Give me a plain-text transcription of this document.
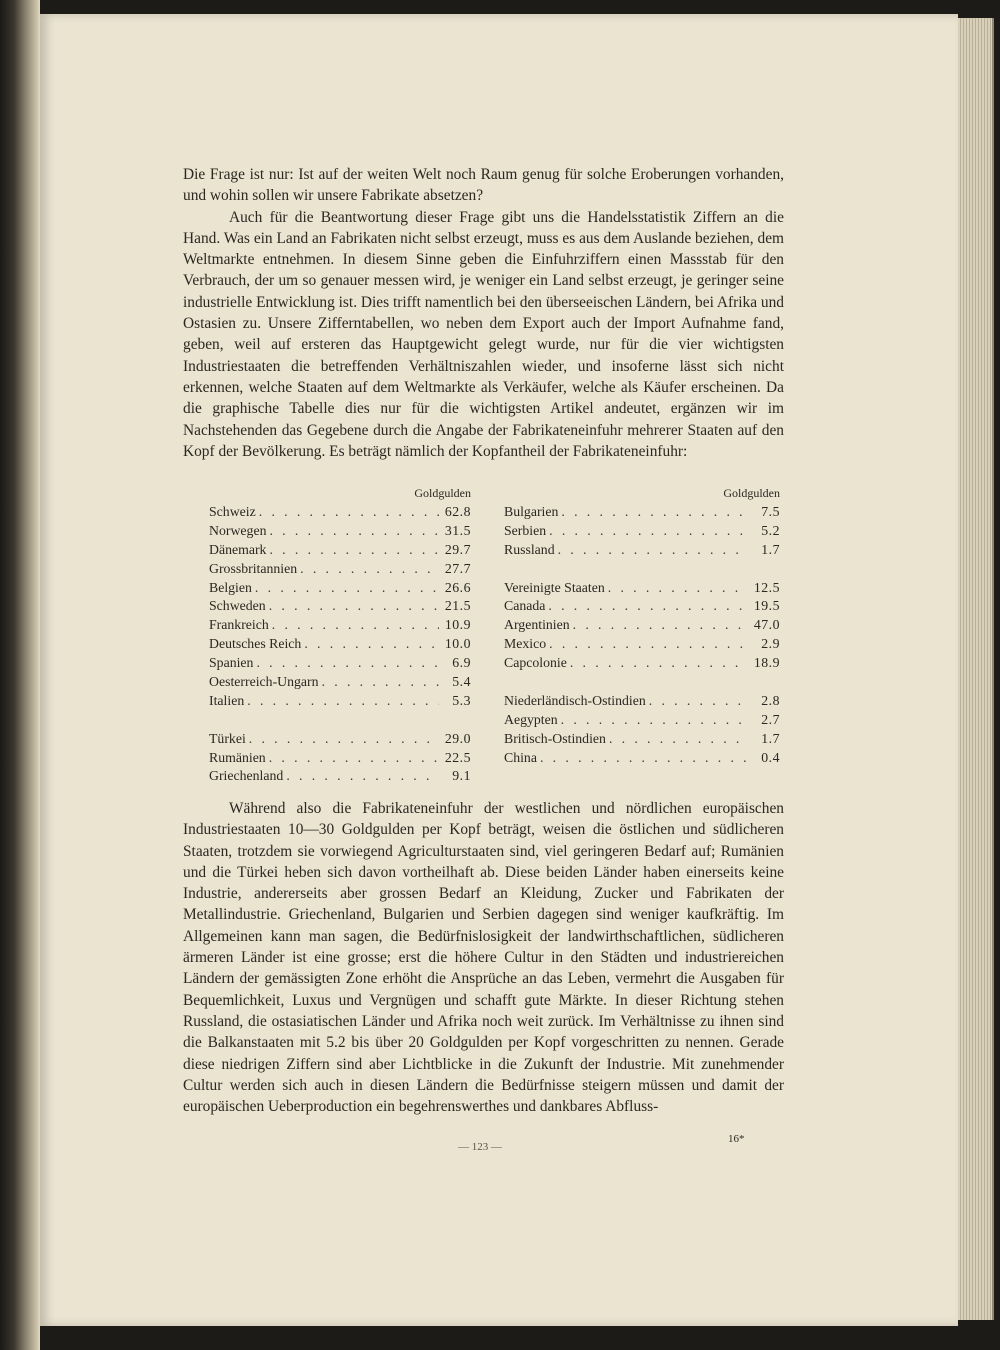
Die Frage ist nur: Ist auf der weiten Welt noch Raum genug für solche Eroberungen vorhanden, und wohin sollen wir unsere Fabrikate absetzen?

Auch für die Beantwortung dieser Frage gibt uns die Handelsstatistik Ziffern an die Hand. Was ein Land an Fabrikaten nicht selbst erzeugt, muss es aus dem Auslande beziehen, dem Weltmarkte entnehmen. In diesem Sinne geben die Einfuhrziffern einen Massstab für den Verbrauch, der um so genauer messen wird, je weniger ein Land selbst erzeugt, je geringer seine industrielle Entwicklung ist. Dies trifft namentlich bei den überseeischen Ländern, bei Afrika und Ostasien zu. Unsere Zifferntabellen, wo neben dem Export auch der Import Aufnahme fand, geben, weil auf ersteren das Hauptgewicht gelegt wurde, nur für die vier wichtigsten Industriestaaten die betreffenden Verhältniszahlen wieder, und insoferne lässt sich nicht erkennen, welche Staaten auf dem Weltmarkte als Verkäufer, welche als Käufer erscheinen. Da die graphische Tabelle dies nur für die wichtigsten Artikel andeutet, ergänzen wir im Nachstehenden das Gegebene durch die Angabe der Fabrikateneinfuhr mehrerer Staaten auf den Kopf der Bevölkerung. Es beträgt nämlich der Kopfantheil der Fabrikateneinfuhr:

Goldgulden
Schweiz . . .	62.8
Norwegen . . .	31.5
Dänemark . . .	29.7
Grossbritannien . . .	27.7
Belgien . . .	26.6
Schweden . . .	21.5
Frankreich . . .	10.9
Deutsches Reich . . .	10.0
Spanien . . .	6.9
Oesterreich-Ungarn . . .	5.4
Italien . . .	5.3
Türkei . . .	29.0
Rumänien . . .	22.5
Griechenland . . .	9.1
Goldgulden
Bulgarien . . .	7.5
Serbien . . .	5.2
Russland . . .	1.7
Vereinigte Staaten . . .	12.5
Canada . . .	19.5
Argentinien . . .	47.0
Mexico . . .	2.9
Capcolonie . . .	18.9
Niederländisch-Ostindien . . .	2.8
Aegypten . . .	2.7
Britisch-Ostindien . . .	1.7
China . . .	0.4

Während also die Fabrikateneinfuhr der westlichen und nördlichen europäischen Industriestaaten 10—30 Goldgulden per Kopf beträgt, weisen die östlichen und südlicheren Staaten, trotzdem sie vorwiegend Agriculturstaaten sind, viel geringeren Bedarf auf; Rumänien und die Türkei heben sich davon vortheilhaft ab. Diese beiden Länder haben einerseits keine Industrie, andererseits aber grossen Bedarf an Kleidung, Zucker und Fabrikaten der Metallindustrie. Griechenland, Bulgarien und Serbien dagegen sind weniger kaufkräftig. Im Allgemeinen kann man sagen, die Bedürfnislosigkeit der landwirthschaftlichen, südlicheren ärmeren Länder ist eine grosse; erst die höhere Cultur in den Städten und industriereichen Ländern der gemässigten Zone erhöht die Ansprüche an das Leben, vermehrt die Ausgaben für Bequemlichkeit, Luxus und Vergnügen und schafft gute Märkte. In dieser Richtung stehen Russland, die ostasiatischen Länder und Afrika noch weit zurück. Im Verhältnisse zu ihnen sind die Balkanstaaten mit 5.2 bis über 20 Goldgulden per Kopf vorgeschritten zu nennen. Gerade diese niedrigen Ziffern sind aber Lichtblicke in die Zukunft der Industrie. Mit zunehmender Cultur werden sich auch in diesen Ländern die Bedürfnisse steigern müssen und damit der europäischen Ueberproduction ein begehrenswerthes und dankbares Abfluss-

16*
— 123 —
